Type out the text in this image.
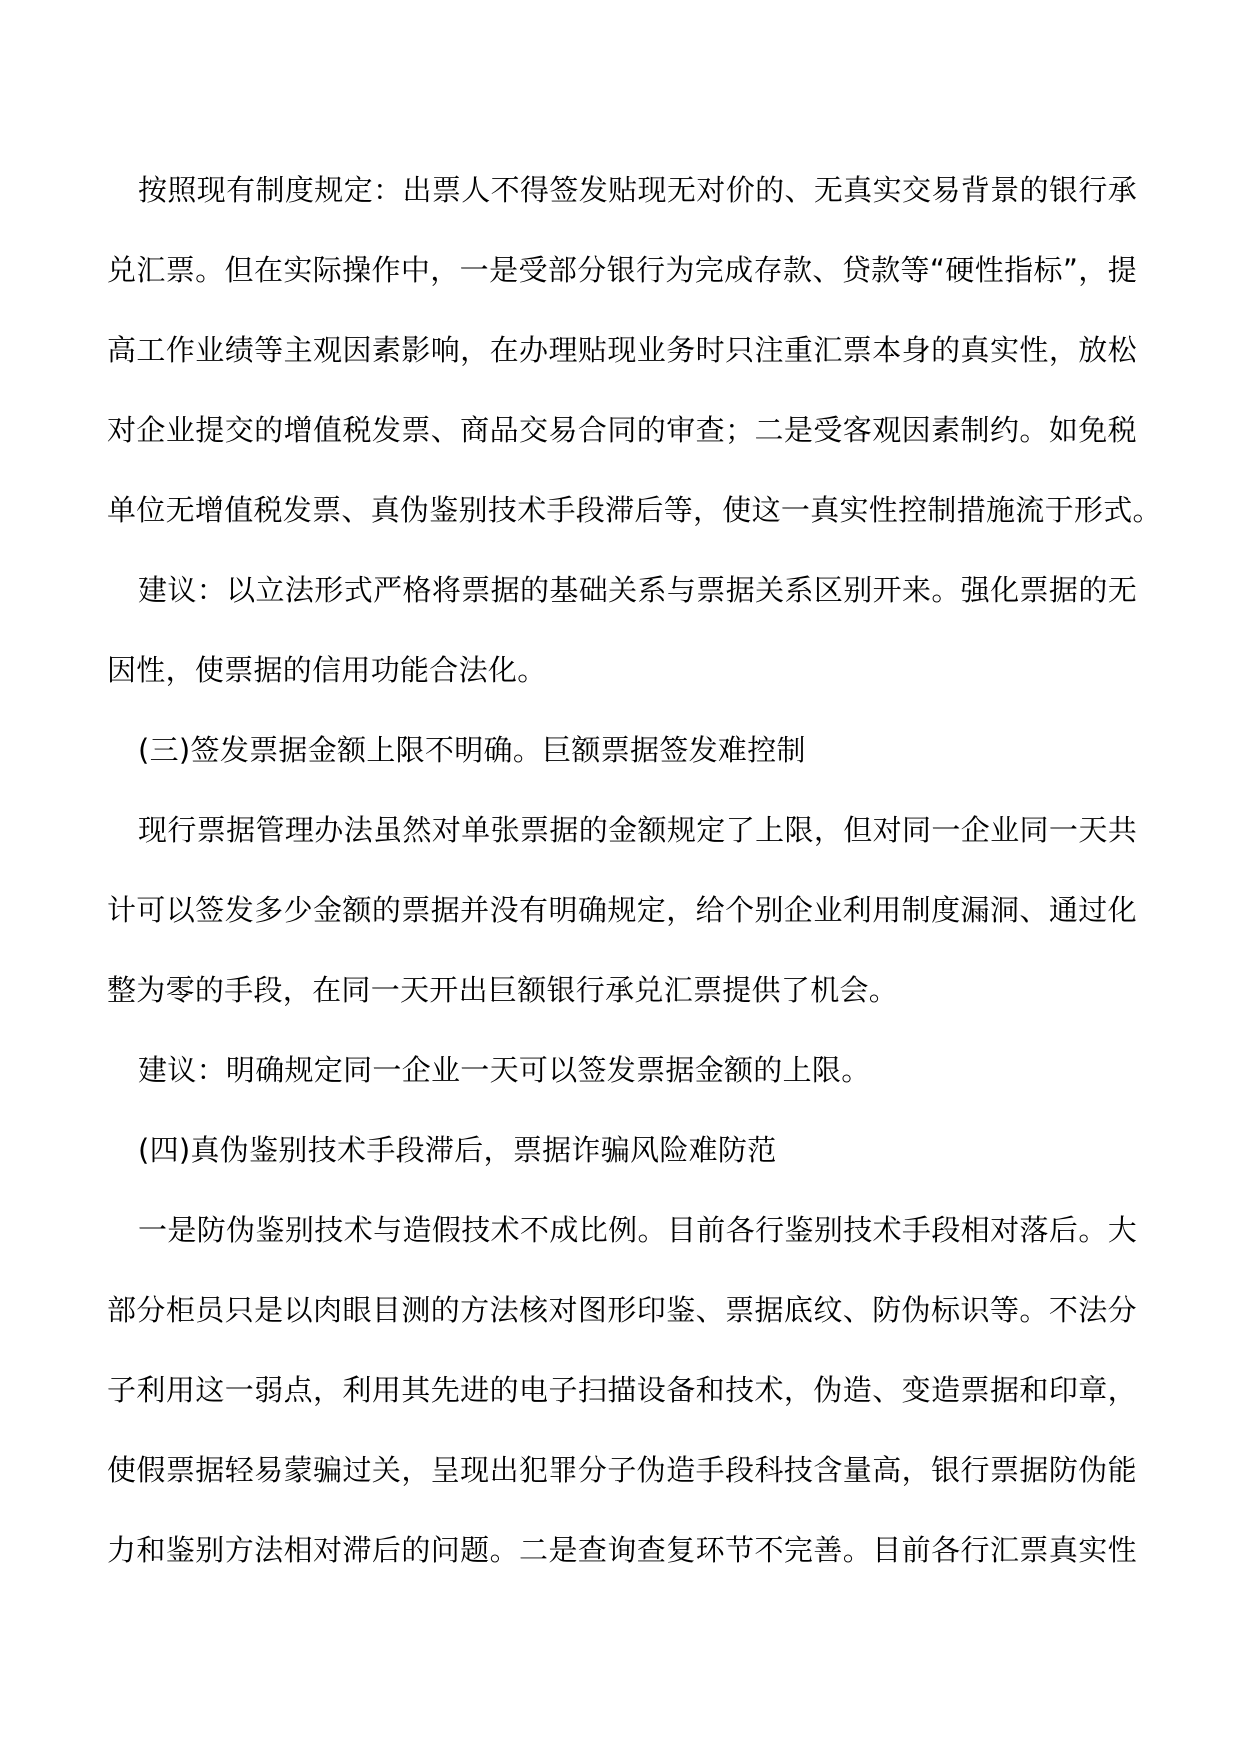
按照现有制度规定：出票人不得签发贴现无对价的、无真实交易背景的银行承
兑汇票。但在实际操作中，一是受部分银行为完成存款、贷款等“硬性指标”，提
高工作业绩等主观因素影响，在办理贴现业务时只注重汇票本身的真实性，放松
对企业提交的增值税发票、商品交易合同的审查；二是受客观因素制约。如免税
单位无增值税发票、真伪鉴别技术手段滞后等，使这一真实性控制措施流于形式。
建议：以立法形式严格将票据的基础关系与票据关系区别开来。强化票据的无
因性，使票据的信用功能合法化。
(三)签发票据金额上限不明确。巨额票据签发难控制
现行票据管理办法虽然对单张票据的金额规定了上限，但对同一企业同一天共
计可以签发多少金额的票据并没有明确规定，给个别企业利用制度漏洞、通过化
整为零的手段，在同一天开出巨额银行承兑汇票提供了机会。
建议：明确规定同一企业一天可以签发票据金额的上限。
(四)真伪鉴别技术手段滞后，票据诈骗风险难防范
一是防伪鉴别技术与造假技术不成比例。目前各行鉴别技术手段相对落后。大
部分柜员只是以肉眼目测的方法核对图形印鉴、票据底纹、防伪标识等。不法分
子利用这一弱点，利用其先进的电子扫描设备和技术，伪造、变造票据和印章，
使假票据轻易蒙骗过关，呈现出犯罪分子伪造手段科技含量高，银行票据防伪能
力和鉴别方法相对滞后的问题。二是查询查复环节不完善。目前各行汇票真实性
